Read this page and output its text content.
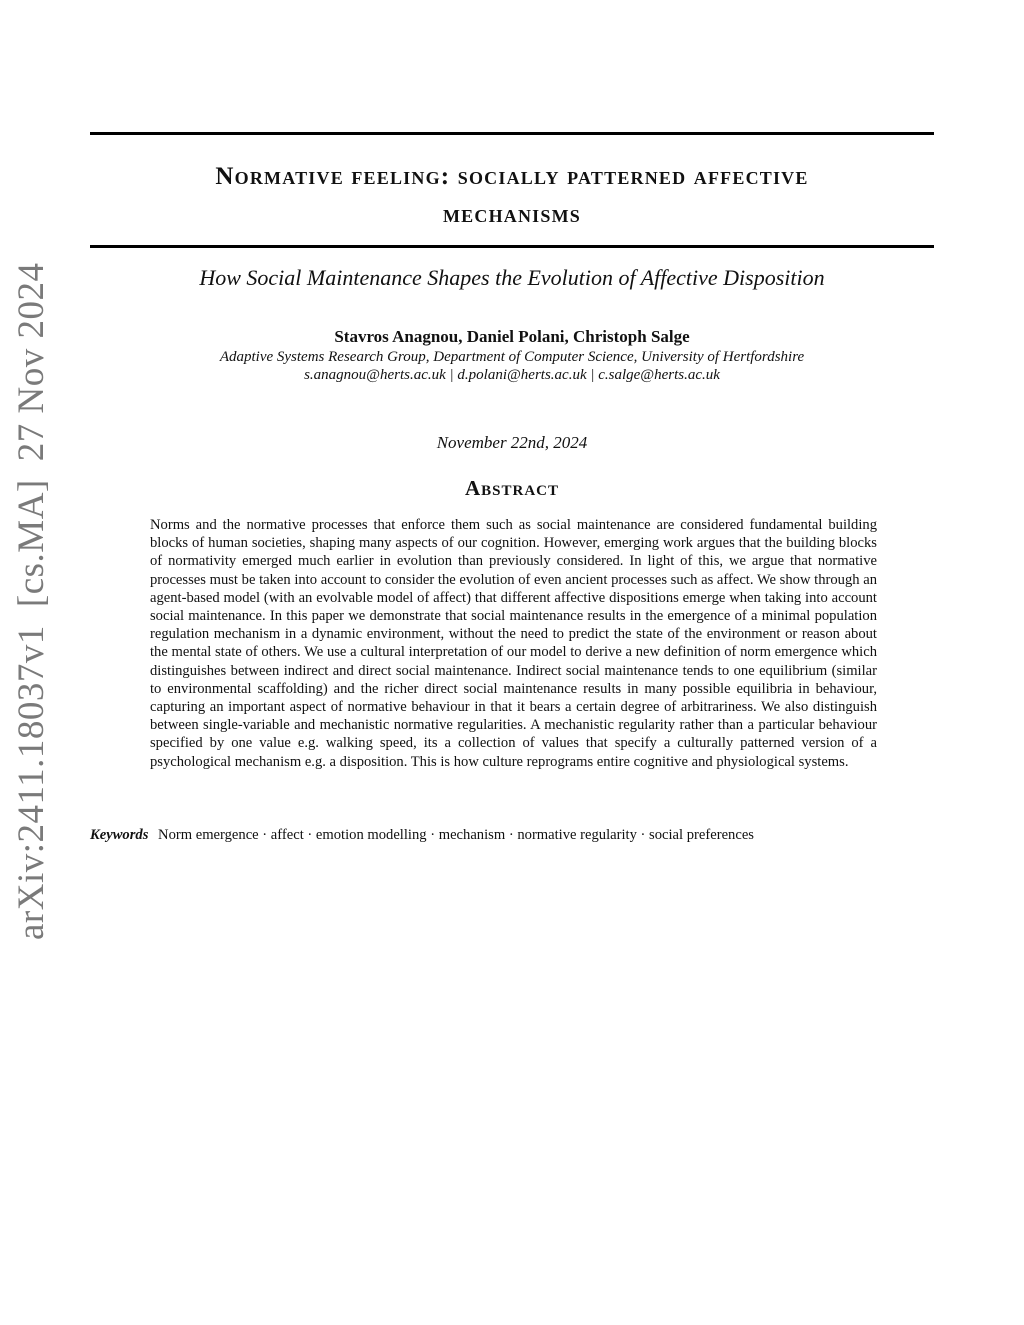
arXiv:2411.18037v1[cs.MA]27 Nov 2024
Normative feeling: socially patterned affective
mechanisms
How Social Maintenance Shapes the Evolution of Affective Disposition
Stavros Anagnou, Daniel Polani, Christoph Salge
Adaptive Systems Research Group, Department of Computer Science, University of Hertfordshire
s.anagnou@herts.ac.uk | d.polani@herts.ac.uk | c.salge@herts.ac.uk
November 22nd, 2024
Abstract
Norms and the normative processes that enforce them such as social maintenance are considered fundamental building blocks of human societies, shaping many aspects of our cognition. However, emerging work argues that the building blocks of normativity emerged much earlier in evolution than previously considered. In light of this, we argue that normative processes must be taken into account to consider the evolution of even ancient processes such as affect. We show through an agent-based model (with an evolvable model of affect) that different affective dispositions emerge when taking into account social maintenance. In this paper we demonstrate that social maintenance results in the emergence of a minimal population regulation mechanism in a dynamic environment, without the need to predict the state of the environment or reason about the mental state of others. We use a cultural interpretation of our model to derive a new definition of norm emergence which distinguishes between indirect and direct social maintenance. Indirect social maintenance tends to one equilibrium (similar to environmental scaffolding) and the richer direct social maintenance results in many possible equilibria in behaviour, capturing an important aspect of normative behaviour in that it bears a certain degree of arbitrariness. We also distinguish between single-variable and mechanistic normative regularities. A mechanistic regularity rather than a particular behaviour specified by one value e.g. walking speed, its a collection of values that specify a culturally patterned version of a psychological mechanism e.g. a disposition. This is how culture reprograms entire cognitive and physiological systems.
Keywords Norm emergence · affect · emotion modelling · mechanism · normative regularity · social preferences
